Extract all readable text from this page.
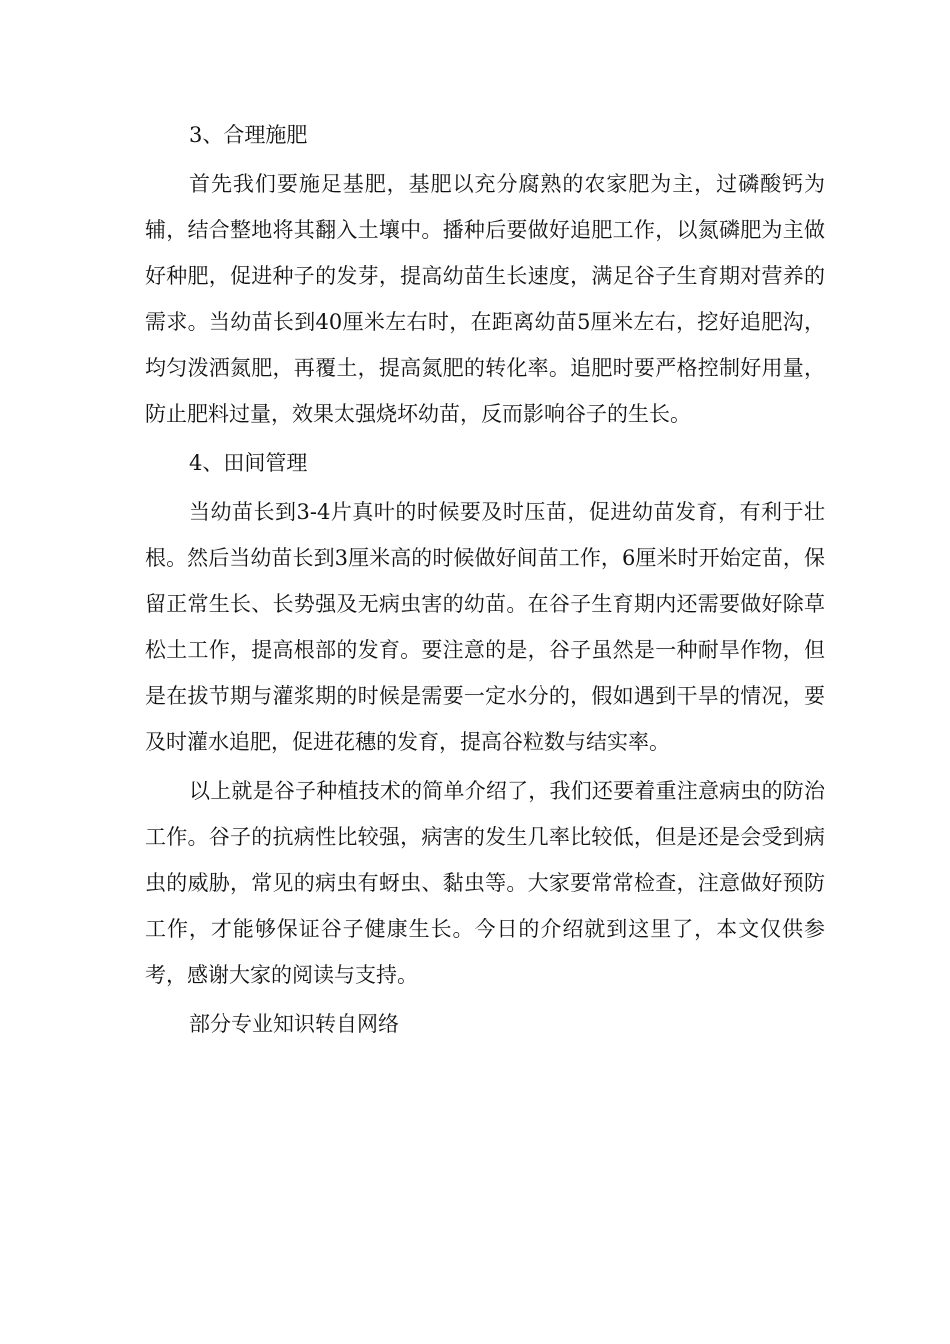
3、合理施肥

首先我们要施足基肥，基肥以充分腐熟的农家肥为主，过磷酸钙为辅，结合整地将其翻入土壤中。播种后要做好追肥工作，以氮磷肥为主做好种肥，促进种子的发芽，提高幼苗生长速度，满足谷子生育期对营养的需求。当幼苗长到40厘米左右时，在距离幼苗5厘米左右，挖好追肥沟，均匀泼洒氮肥，再覆土，提高氮肥的转化率。追肥时要严格控制好用量，防止肥料过量，效果太强烧坏幼苗，反而影响谷子的生长。

4、田间管理

当幼苗长到3-4片真叶的时候要及时压苗，促进幼苗发育，有利于壮根。然后当幼苗长到3厘米高的时候做好间苗工作，6厘米时开始定苗，保留正常生长、长势强及无病虫害的幼苗。在谷子生育期内还需要做好除草松土工作，提高根部的发育。要注意的是，谷子虽然是一种耐旱作物，但是在拔节期与灌浆期的时候是需要一定水分的，假如遇到干旱的情况，要及时灌水追肥，促进花穗的发育，提高谷粒数与结实率。

以上就是谷子种植技术的简单介绍了，我们还要着重注意病虫的防治工作。谷子的抗病性比较强，病害的发生几率比较低，但是还是会受到病虫的威胁，常见的病虫有蚜虫、黏虫等。大家要常常检查，注意做好预防工作，才能够保证谷子健康生长。今日的介绍就到这里了，本文仅供参考，感谢大家的阅读与支持。

部分专业知识转自网络
